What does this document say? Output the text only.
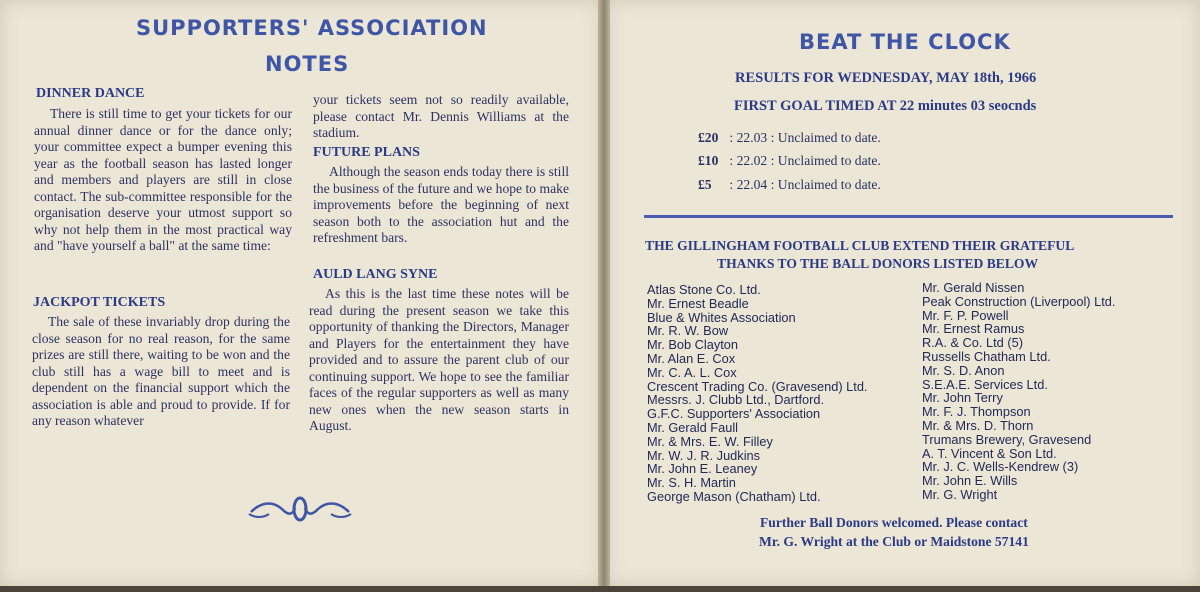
SUPPORTERS' ASSOCIATION
NOTES
DINNER DANCE
There is still time to get your tickets for our annual dinner dance or for the dance only; your committee expect a bumper evening this year as the football season has lasted longer and members and players are still in close contact. The sub-committee responsible for the organisation deserve your utmost support so why not help them in the most practical way and "have yourself a ball" at the same time:
JACKPOT TICKETS
The sale of these invariably drop during the close season for no real reason, for the same prizes are still there, waiting to be won and the club still has a wage bill to meet and is dependent on the financial support which the association is able and proud to provide. If for any reason whatever
your tickets seem not so readily available, please contact Mr. Dennis Williams at the stadium.
FUTURE PLANS
Although the season ends today there is still the business of the future and we hope to make improvements before the beginning of next season both to the association hut and the refreshment bars.
AULD LANG SYNE
As this is the last time these notes will be read during the present season we take this opportunity of thanking the Directors, Manager and Players for the entertainment they have provided and to assure the parent club of our continuing support. We hope to see the familiar faces of the regular supporters as well as many new ones when the new season starts in August.
BEAT THE CLOCK
RESULTS FOR WEDNESDAY, MAY 18th, 1966
FIRST GOAL TIMED AT 22 minutes 03 seocnds
£20 : 22.03 : Unclaimed to date.
£10 : 22.02 : Unclaimed to date.
£5 : 22.04 : Unclaimed to date.
THE GILLINGHAM FOOTBALL CLUB EXTEND THEIR GRATEFUL
THANKS TO THE BALL DONORS LISTED BELOW
Atlas Stone Co. Ltd.
Mr. Ernest Beadle
Blue & Whites Association
Mr. R. W. Bow
Mr. Bob Clayton
Mr. Alan E. Cox
Mr. C. A. L. Cox
Crescent Trading Co. (Gravesend) Ltd.
Messrs. J. Clubb Ltd., Dartford.
G.F.C. Supporters' Association
Mr. Gerald Faull
Mr. & Mrs. E. W. Filley
Mr. W. J. R. Judkins
Mr. John E. Leaney
Mr. S. H. Martin
George Mason (Chatham) Ltd.
Mr. Gerald Nissen
Peak Construction (Liverpool) Ltd.
Mr. F. P. Powell
Mr. Ernest Ramus
R.A. & Co. Ltd (5)
Russells Chatham Ltd.
Mr. S. D. Anon
S.E.A.E. Services Ltd.
Mr. John Terry
Mr. F. J. Thompson
Mr. & Mrs. D. Thorn
Trumans Brewery, Gravesend
A. T. Vincent & Son Ltd.
Mr. J. C. Wells-Kendrew (3)
Mr. John E. Wills
Mr. G. Wright
Further Ball Donors welcomed. Please contact
Mr. G. Wright at the Club or Maidstone 57141
